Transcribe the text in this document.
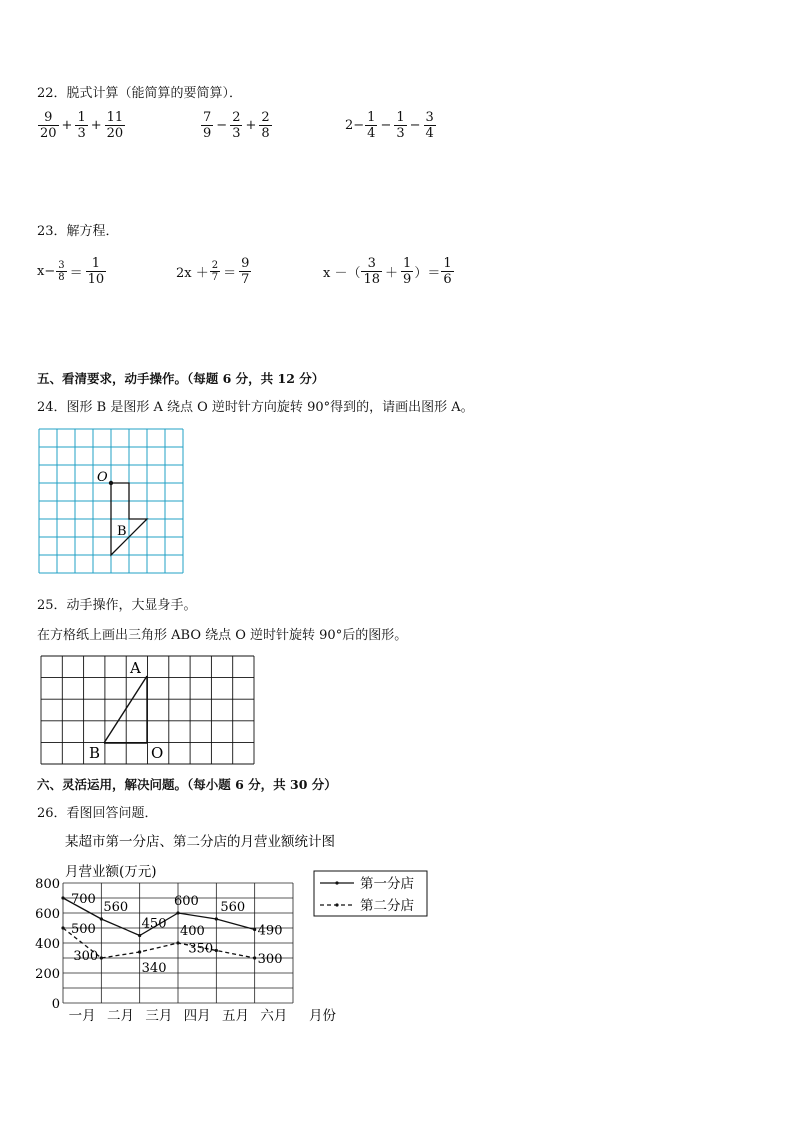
22．脱式计算（能简算的要简算）．
$\frac{9}{20} + \frac{1}{3} + \frac{11}{20}$	$\frac{7}{9} - \frac{2}{3} + \frac{2}{8}$	$2- \frac{1}{4} - \frac{1}{3} - \frac{3}{4}$
23．解方程．
$x- \frac{3}{8} = \frac{1}{10}$	$2x + \frac{2}{7} = \frac{9}{7}$	x －（ $\frac{3}{18} + \frac{1}{9}$ ）＝ $\frac{1}{6}$
五、看清要求，动手操作。（每题 6 分，共 12 分）
24．图形 B 是图形 A 绕点 O 逆时针方向旋转 90°得到的，请画出图形 A。
O
B
25．动手操作，大显身手。
在方格纸上画出三角形 ABO 绕点 O 逆时针旋转 90°后的图形。
A
B	O
六、灵活运用，解决问题。（每小题 6 分，共 30 分）
26．看图回答问题．
某超市第一分店、第二分店的月营业额统计图
月营业额(万元)
0
200
400
600
800
一月 二月 三月 四月 五月 六月 月份
700
560
450
600 560
490
500
300
340
400
350
300
第一分店
第二分店
